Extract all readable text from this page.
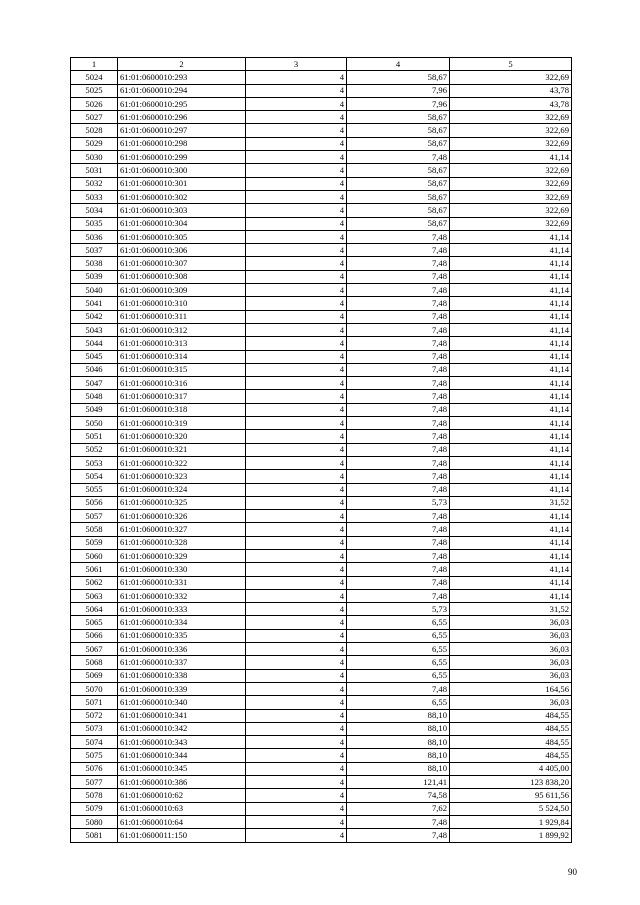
1	2	3	4	5
5024	61:01:0600010:293	4	58,67	322,69
5025	61:01:0600010:294	4	7,96	43,78
5026	61:01:0600010:295	4	7,96	43,78
5027	61:01:0600010:296	4	58,67	322,69
5028	61:01:0600010:297	4	58,67	322,69
5029	61:01:0600010:298	4	58,67	322,69
5030	61:01:0600010:299	4	7,48	41,14
5031	61:01:0600010:300	4	58,67	322,69
5032	61:01:0600010:301	4	58,67	322,69
5033	61:01:0600010:302	4	58,67	322,69
5034	61:01:0600010:303	4	58,67	322,69
5035	61:01:0600010:304	4	58,67	322,69
5036	61:01:0600010:305	4	7,48	41,14
5037	61:01:0600010:306	4	7,48	41,14
5038	61:01:0600010:307	4	7,48	41,14
5039	61:01:0600010:308	4	7,48	41,14
5040	61:01:0600010:309	4	7,48	41,14
5041	61:01:0600010:310	4	7,48	41,14
5042	61:01:0600010:311	4	7,48	41,14
5043	61:01:0600010:312	4	7,48	41,14
5044	61:01:0600010:313	4	7,48	41,14
5045	61:01:0600010:314	4	7,48	41,14
5046	61:01:0600010:315	4	7,48	41,14
5047	61:01:0600010:316	4	7,48	41,14
5048	61:01:0600010:317	4	7,48	41,14
5049	61:01:0600010:318	4	7,48	41,14
5050	61:01:0600010:319	4	7,48	41,14
5051	61:01:0600010:320	4	7,48	41,14
5052	61:01:0600010:321	4	7,48	41,14
5053	61:01:0600010:322	4	7,48	41,14
5054	61:01:0600010:323	4	7,48	41,14
5055	61:01:0600010:324	4	7,48	41,14
5056	61:01:0600010:325	4	5,73	31,52
5057	61:01:0600010:326	4	7,48	41,14
5058	61:01:0600010:327	4	7,48	41,14
5059	61:01:0600010:328	4	7,48	41,14
5060	61:01:0600010:329	4	7,48	41,14
5061	61:01:0600010:330	4	7,48	41,14
5062	61:01:0600010:331	4	7,48	41,14
5063	61:01:0600010:332	4	7,48	41,14
5064	61:01:0600010:333	4	5,73	31,52
5065	61:01:0600010:334	4	6,55	36,03
5066	61:01:0600010:335	4	6,55	36,03
5067	61:01:0600010:336	4	6,55	36,03
5068	61:01:0600010:337	4	6,55	36,03
5069	61:01:0600010:338	4	6,55	36,03
5070	61:01:0600010:339	4	7,48	164,56
5071	61:01:0600010:340	4	6,55	36,03
5072	61:01:0600010:341	4	88,10	484,55
5073	61:01:0600010:342	4	88,10	484,55
5074	61:01:0600010:343	4	88,10	484,55
5075	61:01:0600010:344	4	88,10	484,55
5076	61:01:0600010:345	4	88,10	4 405,00
5077	61:01:0600010:386	4	121,41	123 838,20
5078	61:01:0600010:62	4	74,58	95 611,56
5079	61:01:0600010:63	4	7,62	5 524,50
5080	61:01:0600010:64	4	7,48	1 929,84
5081	61:01:0600011:150	4	7,48	1 899,92
90
